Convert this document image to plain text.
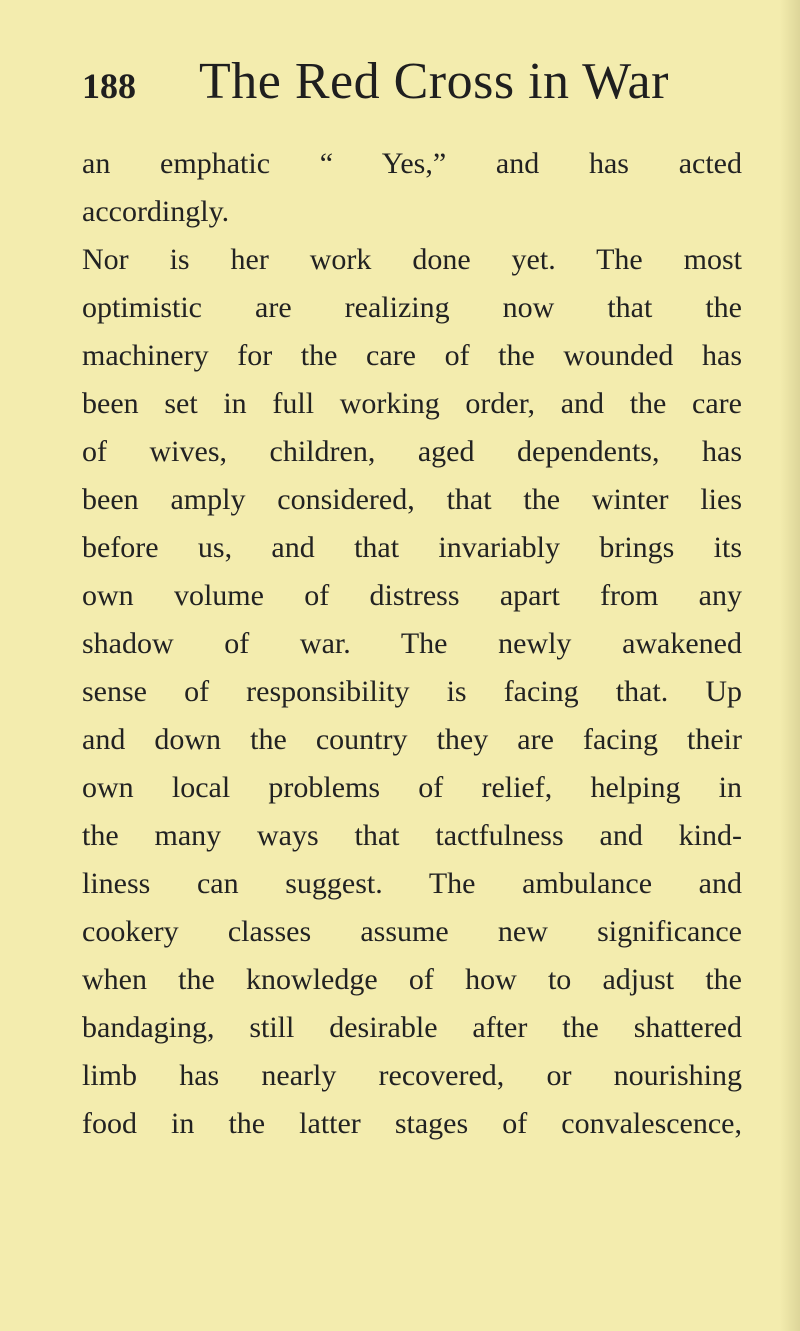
188 The Red Cross in War
an emphatic “ Yes,” and has acted
accordingly.
Nor is her work done yet. The most
optimistic are realizing now that the
machinery for the care of the wounded has
been set in full working order, and the care
of wives, children, aged dependents, has
been amply considered, that the winter lies
before us, and that invariably brings its
own volume of distress apart from any
shadow of war. The newly awakened
sense of responsibility is facing that. Up
and down the country they are facing their
own local problems of relief, helping in
the many ways that tactfulness and kind-
liness can suggest. The ambulance and
cookery classes assume new significance
when the knowledge of how to adjust the
bandaging, still desirable after the shattered
limb has nearly recovered, or nourishing
food in the latter stages of convalescence,
